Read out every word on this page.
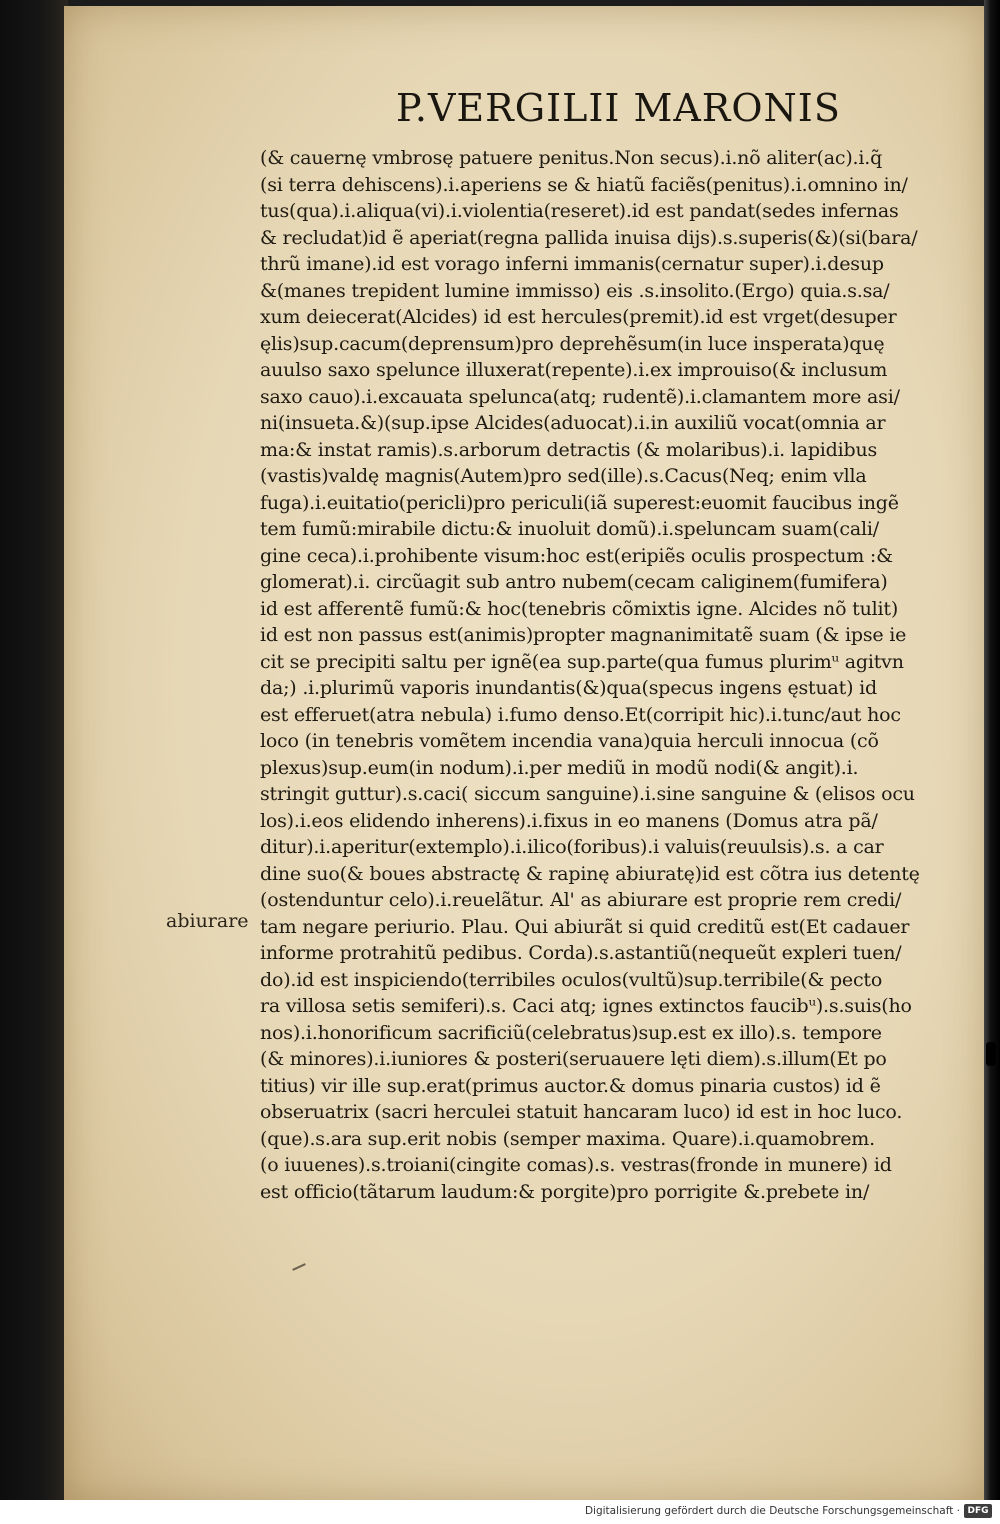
P.VERGILII MARONIS
abiurare
(& cauernę vmbrosę patuere penitus.Non secus).i.nõ aliter(ac).i.q̃
(si terra dehiscens).i.aperiens se & hiatũ faciẽs(penitus).i.omnino in/
tus(qua).i.aliqua(vi).i.violentia(reseret).id est pandat(sedes infernas
& recludat)id ẽ aperiat(regna pallida inuisa dijs).s.superis(&)(si(bara/
thrũ imane).id est vorago inferni immanis(cernatur super).i.desup
&(manes trepident lumine immisso) eis .s.insolito.(Ergo) quia.s.sa/
xum deiecerat(Alcides) id est hercules(premit).id est vrget(desuper
ęlis)sup.cacum(deprensum)pro deprehẽsum(in luce insperata)quę
auulso saxo spelunce illuxerat(repente).i.ex improuiso(& inclusum
saxo cauo).i.excauata spelunca(atq; rudentẽ).i.clamantem more asi/
ni(insueta.&)(sup.ipse Alcides(aduocat).i.in auxiliũ vocat(omnia ar
ma:& instat ramis).s.arborum detractis (& molaribus).i. lapidibus
(vastis)valdę magnis(Autem)pro sed(ille).s.Cacus(Neq; enim vlla
fuga).i.euitatio(pericli)pro periculi(iã superest:euomit faucibus ingẽ
tem fumũ:mirabile dictu:& inuoluit domũ).i.speluncam suam(cali/
gine ceca).i.prohibente visum:hoc est(eripiẽs oculis prospectum :&
glomerat).i. circũagit sub antro nubem(cecam caliginem(fumifera)
id est afferentẽ fumũ:& hoc(tenebris cõmixtis igne. Alcides nõ tulit)
id est non passus est(animis)propter magnanimitatẽ suam (& ipse ie
cit se precipiti saltu per ignẽ(ea sup.parte(qua fumus plurimᵘ agitvn
da;) .i.plurimũ vaporis inundantis(&)qua(specus ingens ęstuat) id
est efferuet(atra nebula) i.fumo denso.Et(corripit hic).i.tunc/aut hoc
loco (in tenebris vomẽtem incendia vana)quia herculi innocua (cõ
plexus)sup.eum(in nodum).i.per mediũ in modũ nodi(& angit).i.
stringit guttur).s.caci( siccum sanguine).i.sine sanguine & (elisos ocu
los).i.eos elidendo inherens).i.fixus in eo manens (Domus atra pã/
ditur).i.aperitur(extemplo).i.ilico(foribus).i valuis(reuulsis).s. a car
dine suo(& boues abstractę & rapinę abiuratę)id est cõtra ius detentę
(ostenduntur celo).i.reuelãtur. Al' as abiurare est proprie rem credi/
tam negare periurio. Plau. Qui abiurãt si quid creditũ est(Et cadauer
informe protrahitũ pedibus. Corda).s.astantiũ(nequeũt expleri tuen/
do).id est inspiciendo(terribiles oculos(vultũ)sup.terribile(& pecto
ra villosa setis semiferi).s. Caci atq; ignes extinctos faucibᵘ).s.suis(ho
nos).i.honorificum sacrificiũ(celebratus)sup.est ex illo).s. tempore
(& minores).i.iuniores & posteri(seruauere lęti diem).s.illum(Et po
titius) vir ille sup.erat(primus auctor.& domus pinaria custos) id ẽ
obseruatrix (sacri herculei statuit hancaram luco) id est in hoc luco.
(que).s.ara sup.erit nobis (semper maxima. Quare).i.quamobrem.
(o iuuenes).s.troiani(cingite comas).s. vestras(fronde in munere) id
est officio(tãtarum laudum:& porgite)pro porrigite &.prebete in/
Digitalisierung gefördert durch die Deutsche Forschungsgemeinschaft · DFG
